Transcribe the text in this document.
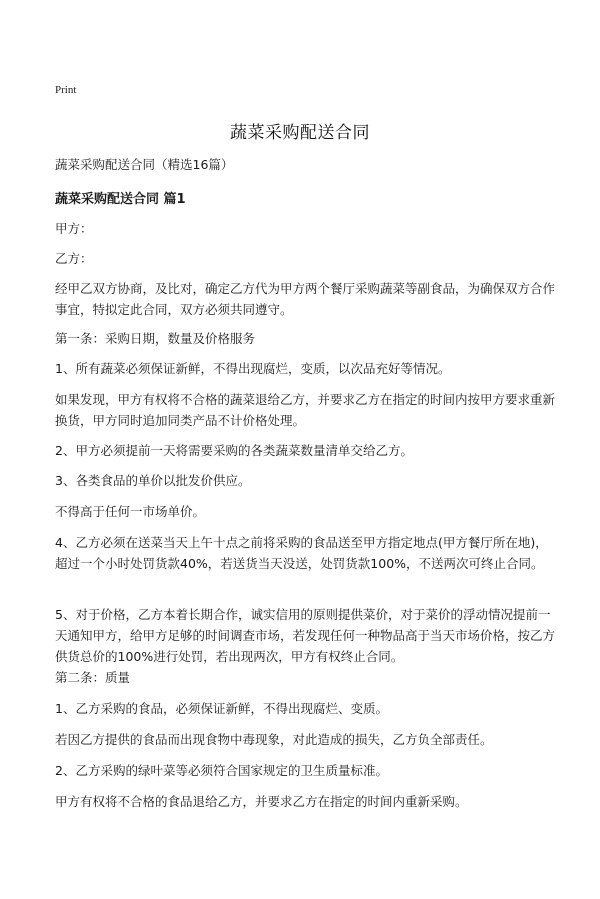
Print
蔬菜采购配送合同
蔬菜采购配送合同（精选16篇）
蔬菜采购配送合同 篇1

甲方：

乙方：

经甲乙双方协商，及比对，确定乙方代为甲方两个餐厅采购蔬菜等副食品，为确保双方合作事宜，特拟定此合同，双方必须共同遵守。

第一条：采购日期，数量及价格服务

1、所有蔬菜必须保证新鲜，不得出现腐烂，变质，以次品充好等情况。

如果发现，甲方有权将不合格的蔬菜退给乙方，并要求乙方在指定的时间内按甲方要求重新换货，甲方同时追加同类产品不计价格处理。

2、甲方必须提前一天将需要采购的各类蔬菜数量清单交给乙方。

3、各类食品的单价以批发价供应。

不得高于任何一市场单价。

4、乙方必须在送菜当天上午十点之前将采购的食品送至甲方指定地点(甲方餐厅所在地)，超过一个小时处罚货款40%，若送货当天没送，处罚货款100%，不送两次可终止合同。

5、对于价格，乙方本着长期合作，诚实信用的原则提供菜价，对于菜价的浮动情况提前一天通知甲方，给甲方足够的时间调查市场，若发现任何一种物品高于当天市场价格，按乙方供货总价的100%进行处罚，若出现两次，甲方有权终止合同。

第二条：质量

1、乙方采购的食品，必须保证新鲜，不得出现腐烂、变质。

若因乙方提供的食品而出现食物中毒现象，对此造成的损失，乙方负全部责任。

2、乙方采购的绿叶菜等必须符合国家规定的卫生质量标准。

甲方有权将不合格的食品退给乙方，并要求乙方在指定的时间内重新采购。
